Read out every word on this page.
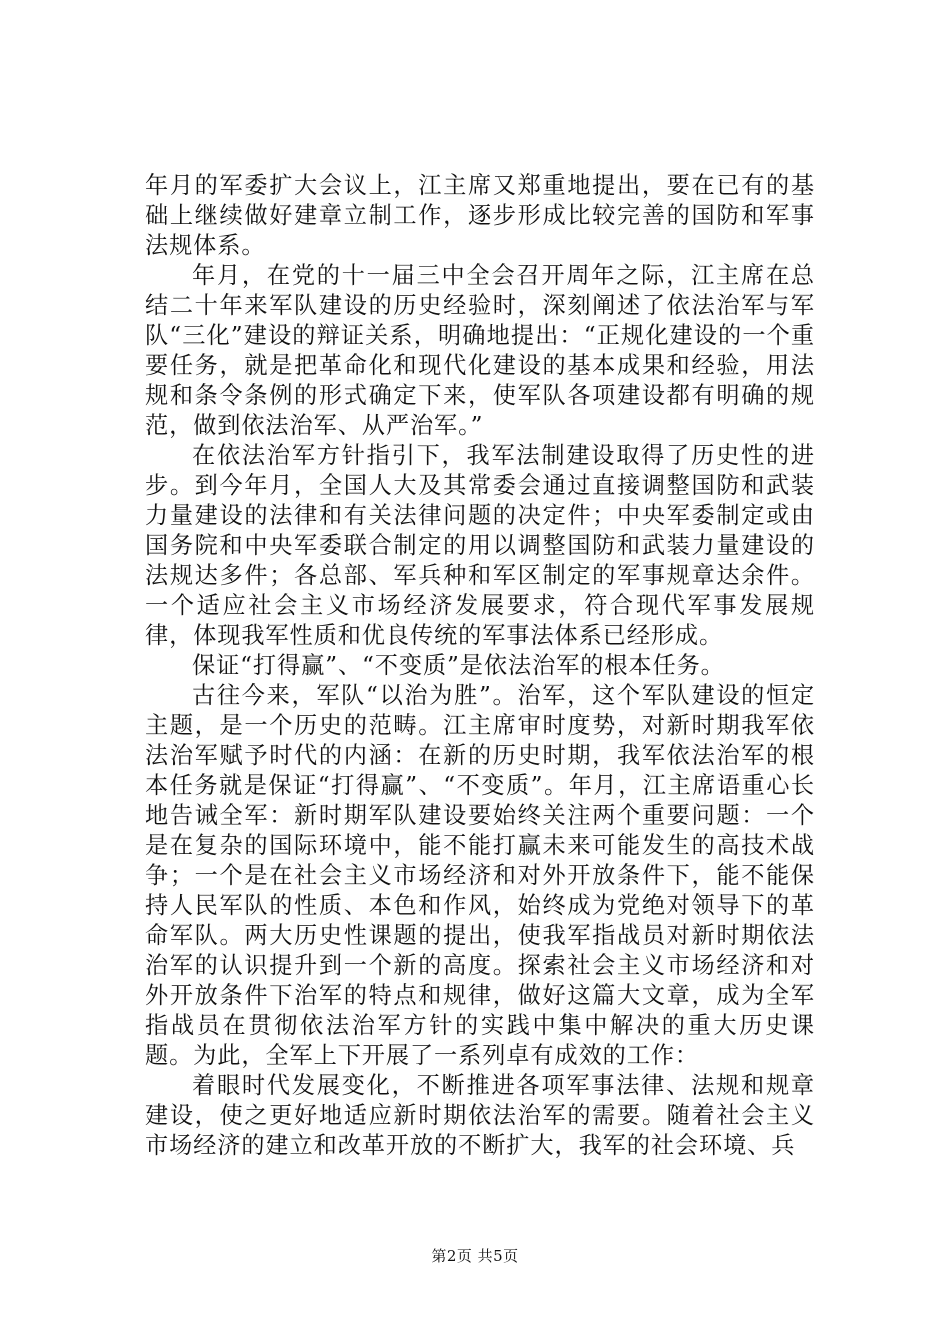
年月的军委扩大会议上，江主席又郑重地提出，要在已有的基础上继续做好建章立制工作，逐步形成比较完善的国防和军事法规体系。

年月，在党的十一届三中全会召开周年之际，江主席在总结二十年来军队建设的历史经验时，深刻阐述了依法治军与军队“三化”建设的辩证关系，明确地提出：“正规化建设的一个重要任务，就是把革命化和现代化建设的基本成果和经验，用法规和条令条例的形式确定下来，使军队各项建设都有明确的规范，做到依法治军、从严治军。”

在依法治军方针指引下，我军法制建设取得了历史性的进步。到今年月，全国人大及其常委会通过直接调整国防和武装力量建设的法律和有关法律问题的决定件；中央军委制定或由国务院和中央军委联合制定的用以调整国防和武装力量建设的法规达多件；各总部、军兵种和军区制定的军事规章达余件。一个适应社会主义市场经济发展要求，符合现代军事发展规律，体现我军性质和优良传统的军事法体系已经形成。

保证“打得赢”、“不变质”是依法治军的根本任务。

古往今来，军队“以治为胜”。治军，这个军队建设的恒定主题，是一个历史的范畴。江主席审时度势，对新时期我军依法治军赋予时代的内涵：在新的历史时期，我军依法治军的根本任务就是保证“打得赢”、“不变质”。年月，江主席语重心长地告诫全军：新时期军队建设要始终关注两个重要问题：一个是在复杂的国际环境中，能不能打赢未来可能发生的高技术战争；一个是在社会主义市场经济和对外开放条件下，能不能保持人民军队的性质、本色和作风，始终成为党绝对领导下的革命军队。两大历史性课题的提出，使我军指战员对新时期依法治军的认识提升到一个新的高度。探索社会主义市场经济和对外开放条件下治军的特点和规律，做好这篇大文章，成为全军指战员在贯彻依法治军方针的实践中集中解决的重大历史课题。为此，全军上下开展了一系列卓有成效的工作：

着眼时代发展变化，不断推进各项军事法律、法规和规章建设，使之更好地适应新时期依法治军的需要。随着社会主义市场经济的建立和改革开放的不断扩大，我军的社会环境、兵

第2页 共5页
